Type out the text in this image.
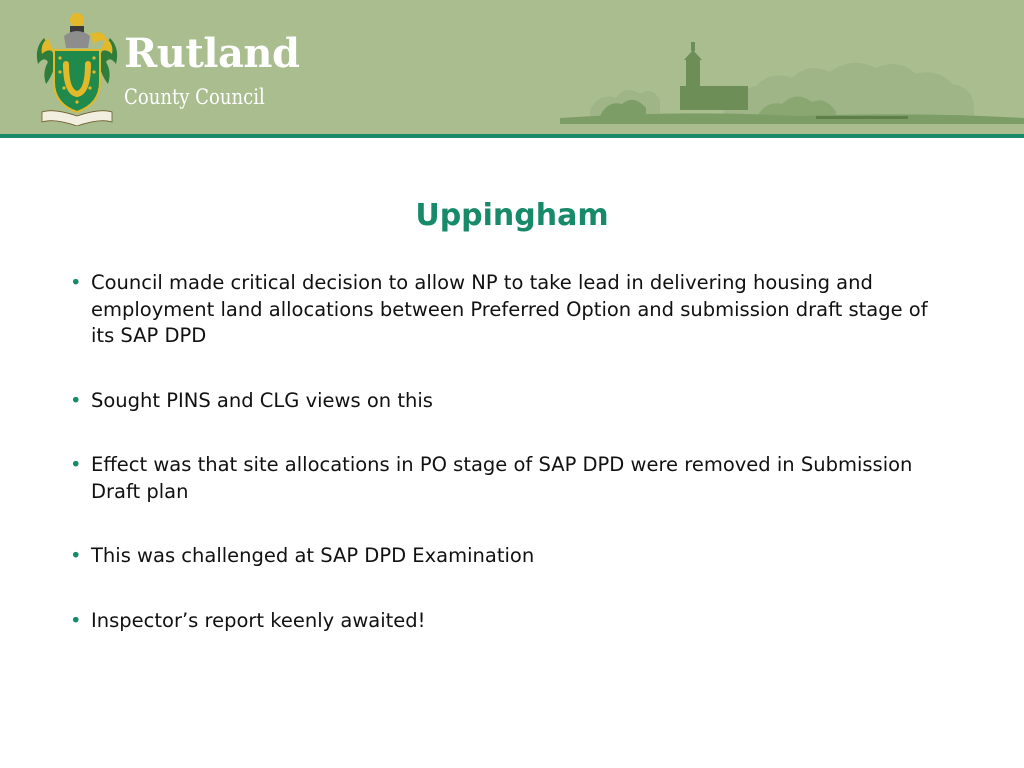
Rutland
County Council
Uppingham
• Council made critical decision to allow NP to take lead in delivering housing and employment land allocations between Preferred Option and submission draft stage of its SAP DPD
• Sought PINS and CLG views on this
• Effect was that site allocations in PO stage of SAP DPD were removed in Submission Draft plan
• This was challenged at SAP DPD Examination
• Inspector’s report keenly awaited!
